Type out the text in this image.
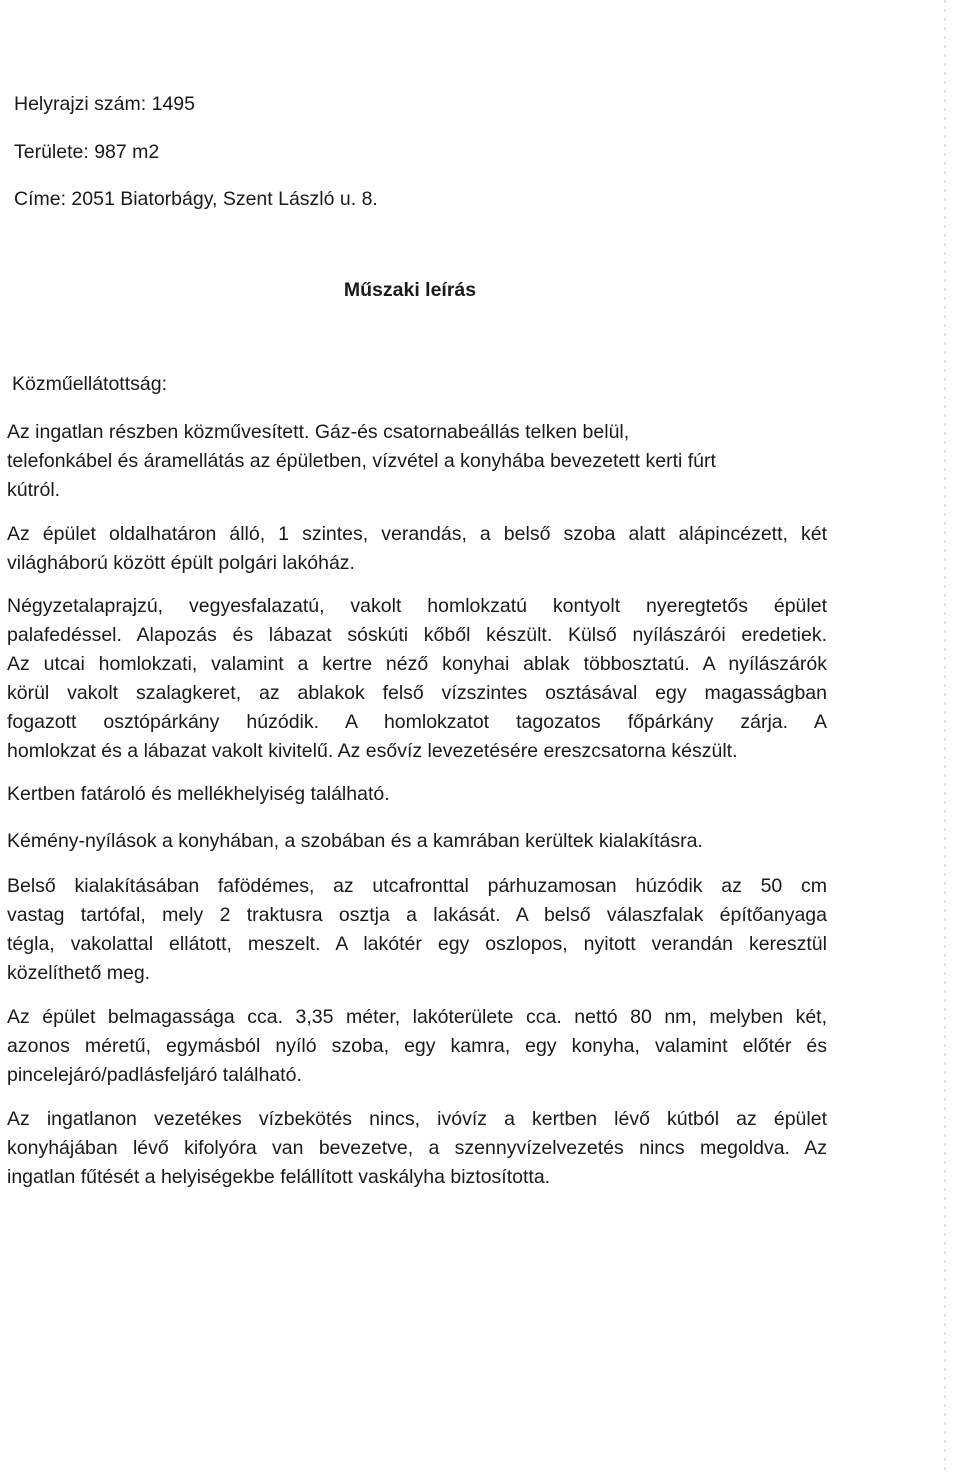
Helyrajzi szám: 1495
Területe: 987 m2
Címe: 2051 Biatorbágy, Szent László u. 8.
Műszaki leírás
Közműellátottság:
Az ingatlan részben közművesített. Gáz-és csatornabeállás telken belül,
telefonkábel és áramellátás az épületben, vízvétel a konyhába bevezetett kerti fúrt
kútról.
Az épület oldalhatáron álló, 1 szintes, verandás, a belső szoba alatt alápincézett, két
világháború között épült polgári lakóház.
Négyzetalaprajzú, vegyesfalazatú, vakolt homlokzatú kontyolt nyeregtetős épület
palafedéssel. Alapozás és lábazat sóskúti kőből készült. Külső nyílászárói eredetiek.
Az utcai homlokzati, valamint a kertre néző konyhai ablak többosztatú. A nyílászárók
körül vakolt szalagkeret, az ablakok felső vízszintes osztásával egy magasságban
fogazott osztópárkány húzódik. A homlokzatot tagozatos főpárkány zárja. A
homlokzat és a lábazat vakolt kivitelű. Az esővíz levezetésére ereszcsatorna készült.
Kertben fatároló és mellékhelyiség található.
Kémény-nyílások a konyhában, a szobában és a kamrában kerültek kialakításra.
Belső kialakításában faföd​émes, az utcafronttal párhuzamosan húzódik az 50 cm
vastag tartófal, mely 2 traktusra osztja a lakását. A belső válaszfalak építőanyaga
tégla, vakolattal ellátott, meszelt. A lakótér egy oszlopos, nyitott verandán keresztül
közelíthető meg.
Az épület belmagassága cca. 3,35 méter, lakóterülete cca. nettó 80 nm, melyben két,
azonos méretű, egymásból nyíló szoba, egy kamra, egy konyha, valamint előtér és
pincelejáró/padlásfeljáró található.
Az ingatlanon vezetékes vízbekötés nincs, ivóvíz a kertben lévő kútból az épület
konyhájában lévő kifolyóra van bevezetve, a szennyvízelvezetés nincs megoldva. Az
ingatlan fűtését a helyiségekbe felállított vaskályha biztosította.
